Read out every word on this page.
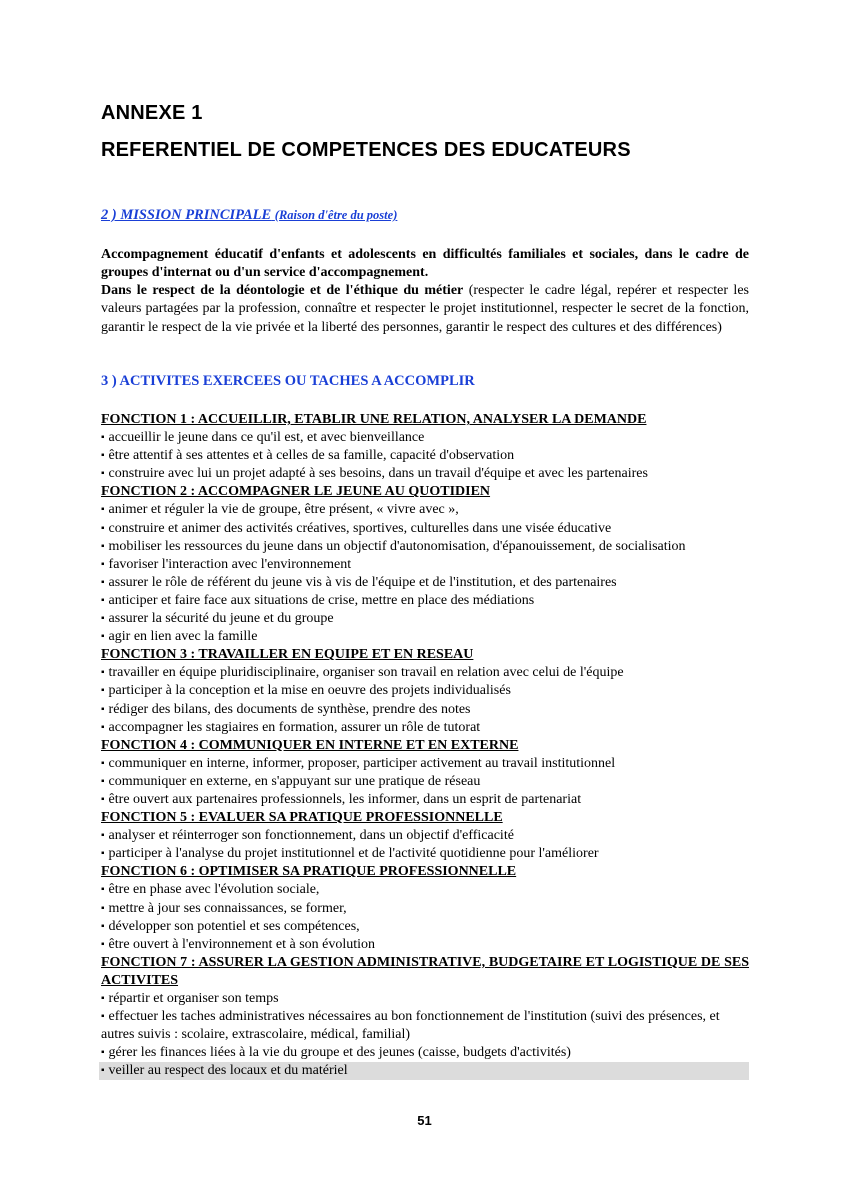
ANNEXE 1
REFERENTIEL DE COMPETENCES DES EDUCATEURS

2 ) MISSION PRINCIPALE (Raison d'être du poste)

Accompagnement éducatif d'enfants et adolescents en difficultés familiales et sociales, dans le cadre de groupes d'internat ou d'un service d'accompagnement.

Dans le respect de la déontologie et de l'éthique du métier (respecter le cadre légal, repérer et respecter les valeurs partagées par la profession, connaître et respecter le projet institutionnel, respecter le secret de la fonction, garantir le respect de la vie privée et la liberté des personnes, garantir le respect des cultures et des différences)

3 ) ACTIVITES EXERCEES OU TACHES A ACCOMPLIR

FONCTION 1 : ACCUEILLIR, ETABLIR UNE RELATION, ANALYSER LA DEMANDE

▪ accueillir le jeune dans ce qu'il est, et avec bienveillance

▪ être attentif à ses attentes et à celles de sa famille, capacité d'observation

▪ construire avec lui un projet adapté à ses besoins, dans un travail d'équipe et avec les partenaires

FONCTION 2 : ACCOMPAGNER LE JEUNE AU QUOTIDIEN

▪ animer et réguler la vie de groupe, être présent, « vivre avec »,

▪ construire et animer des activités créatives, sportives, culturelles dans une visée éducative

▪ mobiliser les ressources du jeune dans un objectif d'autonomisation, d'épanouissement, de socialisation

▪ favoriser l'interaction avec l'environnement

▪ assurer le rôle de référent du jeune vis à vis de l'équipe et de l'institution, et des partenaires

▪ anticiper et faire face aux situations de crise, mettre en place des médiations

▪ assurer la sécurité du jeune et du groupe

▪ agir en lien avec la famille

FONCTION 3 : TRAVAILLER EN EQUIPE ET EN RESEAU

▪ travailler en équipe pluridisciplinaire, organiser son travail en relation avec celui de l'équipe

▪ participer à la conception et la mise en oeuvre des projets individualisés

▪ rédiger des bilans, des documents de synthèse, prendre des notes

▪ accompagner les stagiaires en formation, assurer un rôle de tutorat

FONCTION 4 : COMMUNIQUER EN INTERNE ET EN EXTERNE

▪ communiquer en interne, informer, proposer, participer activement au travail institutionnel

▪ communiquer en externe, en s'appuyant sur une pratique de réseau

▪ être ouvert aux partenaires professionnels, les informer, dans un esprit de partenariat

FONCTION 5 : EVALUER SA PRATIQUE PROFESSIONNELLE

▪ analyser et réinterroger son fonctionnement, dans un objectif d'efficacité

▪ participer à l'analyse du projet institutionnel et de l'activité quotidienne pour l'améliorer

FONCTION 6 : OPTIMISER SA PRATIQUE PROFESSIONNELLE

▪ être en phase avec l'évolution sociale,

▪ mettre à jour ses connaissances, se former,

▪ développer son potentiel et ses compétences,

▪ être ouvert à l'environnement et à son évolution

FONCTION 7 : ASSURER LA GESTION ADMINISTRATIVE, BUDGETAIRE ET LOGISTIQUE DE SES ACTIVITES

▪ répartir et organiser son temps

▪ effectuer les taches administratives nécessaires au bon fonctionnement de l'institution (suivi des présences, et autres suivis : scolaire, extrascolaire, médical, familial)

▪ gérer les finances liées à la vie du groupe et des jeunes (caisse, budgets d'activités)

▪ veiller au respect des locaux et du matériel

51
